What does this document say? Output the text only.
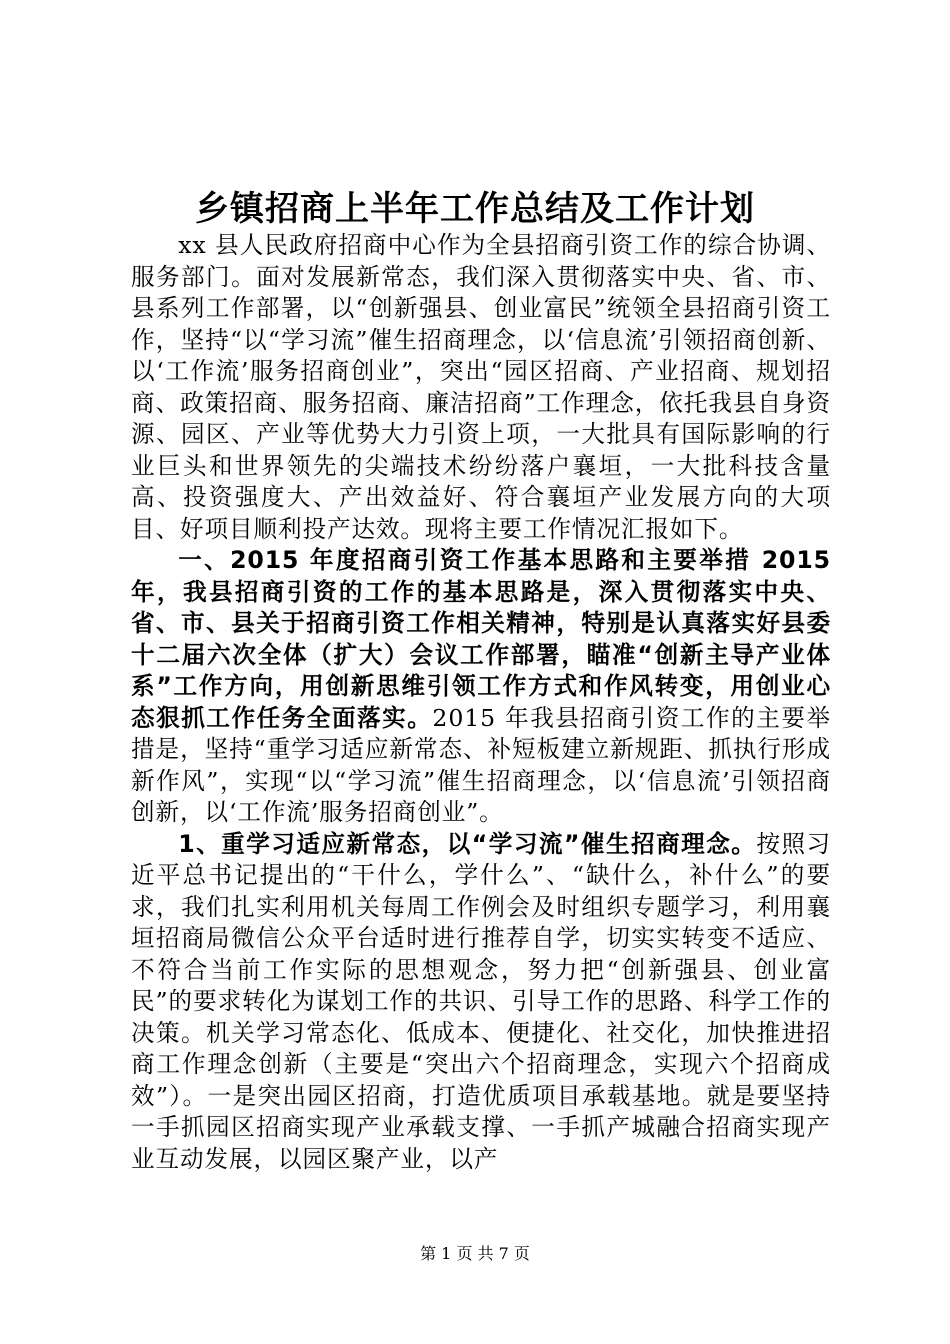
乡镇招商上半年工作总结及工作计划

xx 县人民政府招商中心作为全县招商引资工作的综合协调、服务部门。面对发展新常态，我们深入贯彻落实中央、省、市、县系列工作部署，以“创新强县、创业富民”统领全县招商引资工作，坚持“以“学习流”催生招商理念，以‘信息流’引领招商创新、以‘工作流’服务招商创业”，突出“园区招商、产业招商、规划招商、政策招商、服务招商、廉洁招商”工作理念，依托我县自身资源、园区、产业等优势大力引资上项，一大批具有国际影响的行业巨头和世界领先的尖端技术纷纷落户襄垣，一大批科技含量高、投资强度大、产出效益好、符合襄垣产业发展方向的大项目、好项目顺利投产达效。现将主要工作情况汇报如下。

一、2015 年度招商引资工作基本思路和主要举措 2015 年，我县招商引资的工作的基本思路是，深入贯彻落实中央、省、市、县关于招商引资工作相关精神，特别是认真落实好县委十二届六次全体（扩大）会议工作部署，瞄准“创新主导产业体系”工作方向，用创新思维引领工作方式和作风转变，用创业心态狠抓工作任务全面落实。2015 年我县招商引资工作的主要举措是，坚持“重学习适应新常态、补短板建立新规距、抓执行形成新作风”，实现“以“学习流”催生招商理念，以‘信息流’引领招商创新，以‘工作流’服务招商创业”。

1、重学习适应新常态，以“学习流”催生招商理念。按照习近平总书记提出的“干什么，学什么”、“缺什么，补什么”的要求，我们扎实利用机关每周工作例会及时组织专题学习，利用襄垣招商局微信公众平台适时进行推荐自学，切实实转变不适应、不符合当前工作实际的思想观念，努力把“创新强县、创业富民”的要求转化为谋划工作的共识、引导工作的思路、科学工作的决策。机关学习常态化、低成本、便捷化、社交化，加快推进招商工作理念创新（主要是“突出六个招商理念，实现六个招商成效”）。一是突出园区招商，打造优质项目承载基地。就是要坚持一手抓园区招商实现产业承载支撑、一手抓产城融合招商实现产业互动发展，以园区聚产业，以产

第 1 页 共 7 页
